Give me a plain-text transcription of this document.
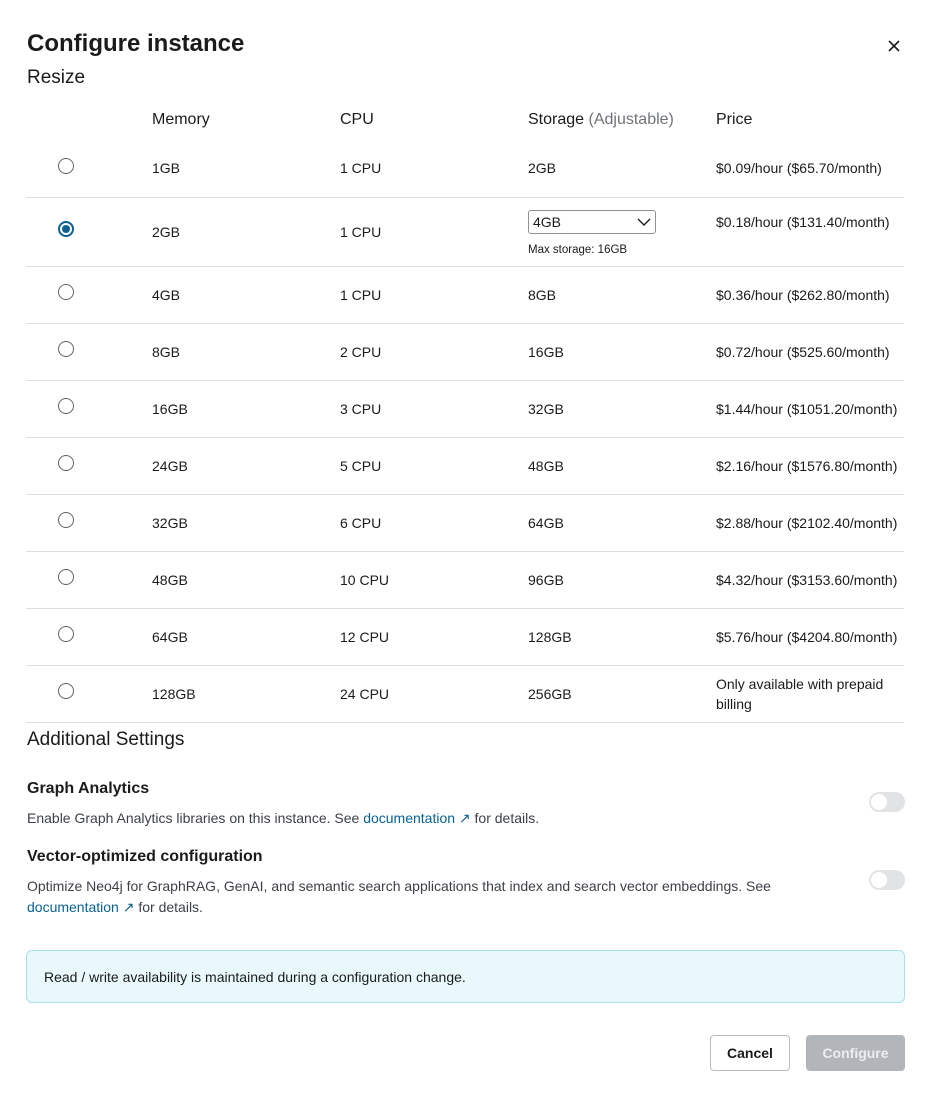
Configure instance
Resize
	Memory	CPU	Storage (Adjustable)	Price
	1GB	1 CPU	2GB	$0.09/hour ($65.70/month)
	2GB	1 CPU	
4GB
Max storage: 16GB
	$0.18/hour ($131.40/month)
	4GB	1 CPU	8GB	$0.36/hour ($262.80/month)
	8GB	2 CPU	16GB	$0.72/hour ($525.60/month)
	16GB	3 CPU	32GB	$1.44/hour ($1051.20/month)
	24GB	5 CPU	48GB	$2.16/hour ($1576.80/month)
	32GB	6 CPU	64GB	$2.88/hour ($2102.40/month)
	48GB	10 CPU	96GB	$4.32/hour ($3153.60/month)
	64GB	12 CPU	128GB	$5.76/hour ($4204.80/month)
	128GB	24 CPU	256GB	Only available with prepaid billing
Additional Settings
Graph Analytics
Enable Graph Analytics libraries on this instance. See documentation ↗ for details.
Vector-optimized configuration
Optimize Neo4j for GraphRAG, GenAI, and semantic search applications that index and search vector embeddings. See documentation ↗ for details.
Read / write availability is maintained during a configuration change.
Cancel	Configure
